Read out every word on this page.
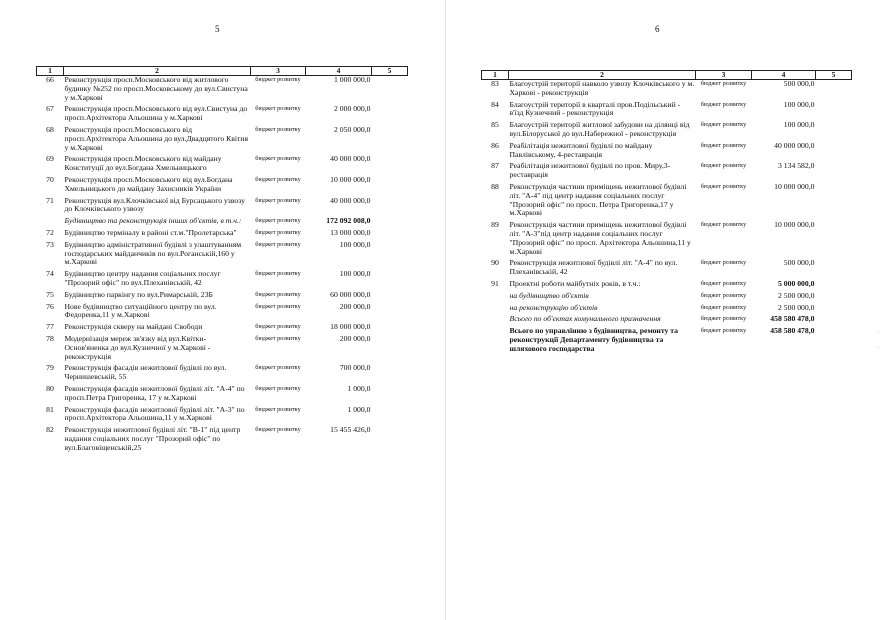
5
1	2	3	4	5
66	Реконструкція просп.Московського від житлового будинку №252 по просп.Московському до вул.Свистуна у м.Харкові	бюджет розвитку	1 000 000,0	
67	Реконструкція просп.Московського від вул.Свистуна до просп.Архітектора Альошина у м.Харкові	бюджет розвитку	2 000 000,0	
68	Реконструкція просп.Московського від просп.Архітектора Альошина до вул.Двадцятого Квітня у м.Харкові	бюджет розвитку	2 050 000,0	
69	Реконструкція просп.Московського від майдану Конституції до вул.Богдана Хмельницького	бюджет розвитку	40 000 000,0	
70	Реконструкція просп.Московського від вул.Богдана Хмельницького до майдану Захисників України	бюджет розвитку	10 000 000,0	
71	Реконструкція вул.Клочківської від Бурсацького узвозу до Клочківського узвозу	бюджет розвитку	40 000 000,0	
	Будівництво та реконструкція інших об'єктів, в т.ч.:	бюджет розвитку	172 092 008,0	
72	Будівництво терміналу в районі ст.м."Пролетарська"	бюджет розвитку	13 000 000,0	
73	Будівництво адміністративної будівлі з улаштуванням господарських майданчиків по вул.Роганській,160 у м.Харкові	бюджет розвитку	100 000,0	
74	Будівництво центру надання соціальних послуг "Прозорий офіс" по вул.Плеханівській, 42	бюджет розвитку	100 000,0	
75	Будівництво паркінгу по вул.Римарській, 23Б	бюджет розвитку	60 000 000,0	
76	Нове будівництво ситуаційного центру по вул. Федоренка,11 у м.Харкові	бюджет розвитку	200 000,0	
77	Реконструкція скверу на майдані Свободи	бюджет розвитку	18 000 000,0	
78	Модернізація мереж зв'язку від вул.Квітки-Основ'яненка до вул.Кузнечної у м.Харкові - реконструкція	бюджет розвитку	200 000,0	
79	Реконструкція фасадів нежитлової будівлі по вул. Чернишевській, 55	бюджет розвитку	700 000,0	
80	Реконструкція фасадів нежитлової будівлі літ. "А-4" по просп.Петра Григоренка, 17 у м.Харкові	бюджет розвитку	1 000,0	
81	Реконструкція фасадів нежитлової будівлі літ. "А-3" по просп.Архітектора Альошина,11 у м.Харкові	бюджет розвитку	1 000,0	
82	Реконструкція нежитлової будівлі літ. "В-1" під центр надання соціальних послуг "Прозорий офіс" по вул.Благовіщенській,25	бюджет розвитку	15 455 426,0	
6
1	2	3	4	5
83	Благоустрій території навколо узвозу Клочківського у м. Харкові - реконструкція	бюджет розвитку	500 000,0	
84	Благоустрій території в кварталі пров.Подільський - в'їзд Кузнечний - реконструкція	бюджет розвитку	100 000,0	
85	Благоустрій території житлової забудови на ділянці від вул.Білоруської до вул.Набережної - реконструкція	бюджет розвитку	100 000,0	
86	Реабілітація нежитлової будівлі по майдану Павлівському, 4-реставрація	бюджет розвитку	40 000 000,0	
87	Реабілітація нежитлової будівлі по пров. Миру,3-реставрація	бюджет розвитку	3 134 582,0	
88	Реконструкція частини приміщень нежитлової будівлі літ. "А-4" під центр надання соціальних послуг "Прозорий офіс" по просп. Петра Григоренка,17 у м.Харкові	бюджет розвитку	10 000 000,0	
89	Реконструкція частини приміщень нежитлової будівлі літ. "А-3"під центр надання соціальних послуг "Прозорий офіс" по просп. Архітектора Альошина,11 у м.Харкові	бюджет розвитку	10 000 000,0	
90	Реконструкція нежитлової будівлі літ. "А-4" по вул. Плеханівській, 42	бюджет розвитку	500 000,0	
91	Проектні роботи майбутніх років, в т.ч.:	бюджет розвитку	5 000 000,0	
	на будівництво об'єктів	бюджет розвитку	2 500 000,0	
	на реконструкцію об'єктів	бюджет розвитку	2 500 000,0	
	Всього по об'єктах комунального призначення	бюджет розвитку	458 580 478,0	
	Всього по управлінню з будівництва, ремонту та реконструкції Департаменту будівництва та шляхового господарства	бюджет розвитку	458 580 478,0		·
·
